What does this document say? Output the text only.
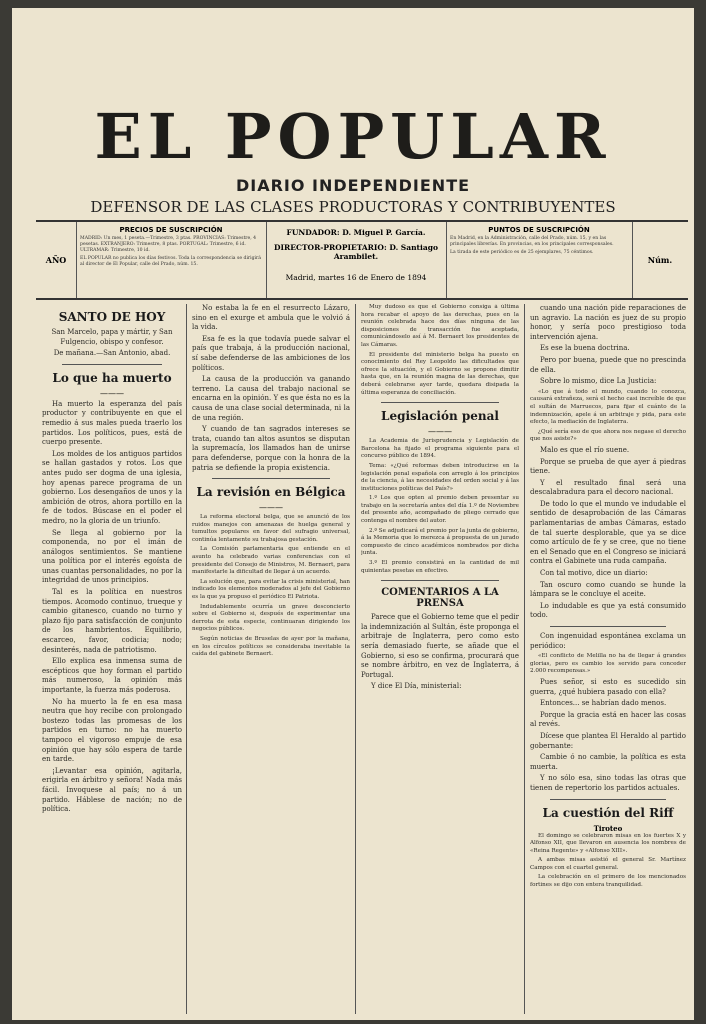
EL POPULAR
DIARIO INDEPENDIENTE
DEFENSOR DE LAS CLASES PRODUCTORAS Y CONTRIBUYENTES
AÑO
PRECIOS DE SUSCRIPCIÓN
MADRID: Un mes, 1 peseta.—Trimestre, 3 ptas. PROVINCIAS: Trimestre, 4 pesetas. EXTRANJERO: Trimestre, 8 ptas. PORTUGAL: Trimestre, 6 id. ULTRAMAR: Trimestre, 10 id.
EL POPULAR no publica los días festivos. Toda la correspondencia se dirigirá al director de El Popular, calle del Prado, núm. 15.
FUNDADOR: D. Miguel P. García.
DIRECTOR-PROPIETARIO: D. Santiago Arambilet.
Madrid, martes 16 de Enero de 1894
PUNTOS DE SUSCRIPCIÓN
En Madrid, en la Administración, calle del Prado, núm. 15, y en las principales librerías. En provincias, en los principales corresponsales.
La tirada de este periódico es de 25 ejemplares, 75 céntimos.
Núm.
SANTO DE HOY

San Marcelo, papa y mártir, y San Fulgencio, obispo y confesor.

De mañana.—San Antonio, abad.

Lo que ha muerto
———

Ha muerto la esperanza del país productor y contribuyente en que el remedio á sus males pueda traerlo los partidos. Los políticos, pues, está de cuerpo presente.

Los moldes de los antiguos partidos se hallan gastados y rotos. Los que antes pudo ser dogma de una iglesia, hoy apenas parece programa de un gobierno. Los desengaños de unos y la ambición de otros, ahora portillo en la fe de todos. Búscase en el poder el medro, no la gloria de un triunfo.

Se llega al gobierno por la componenda, no por el imán de análogos sentimientos. Se mantiene una política por el interés egoísta de unas cuantas personalidades, no por la integridad de unos principios.

Tal es la política en nuestros tiempos. Acomodo continuo, trueque y cambio gitanesco, cuando no turno y plazo fijo para satisfacción de conjunto de los hambrientos. Equilibrio, escarceo, favor, codicia; nodo; desinterés, nada de patriotismo.

Ello explica esa inmensa suma de escépticos que hoy forman el partido más numeroso, la opinión más importante, la fuerza más poderosa.

No ha muerto la fe en esa masa neutra que hoy recibe con prolongado bostezo todas las promesas de los partidos en turno: no ha muerto tampoco el vigoroso empuje de esa opinión que hay sólo espera de tarde en tarde.

¡Levantar esa opinión, agitarla, erigirla en árbitro y señora! Nada más fácil. Invoquese al país; no á un partido. Háblese de nación; no de política.

No estaba la fe en el resurrecto Lázaro, sino en el exurge et ambula que le volvió á la vida.

Esa fe es la que todavía puede salvar el país que trabaja, á la producción nacional, sí sabe defenderse de las ambiciones de los políticos.

La causa de la producción va ganando terreno. La causa del trabajo nacional se encarna en la opinión. Y es que ésta no es la causa de una clase social determinada, ni la de una región.

Y cuando de tan sagrados intereses se trata, cuando tan altos asuntos se disputan la supremacía, los llamados han de unirse para defenderse, porque con la honra de la patria se defiende la propia existencia.

La revisión en Bélgica
———

La reforma electoral belga, que se anunció de los ruidos manejos con amenazas de huelga general y tumultos populares en favor del sufragio universal, continúa lentamente su trabajosa gestación.

La Comisión parlamentaria que entiende en el asunto ha celebrado varias conferencias con el presidente del Consejo de Ministros, M. Bernaert, para manifestarle la dificultad de llegar á un acuerdo.

La solución que, para evitar la crisis ministerial, han indicado los elementos moderados al jefe del Gobierno es la que ya propuso el periódico El Patriota.

Indudablemente ocurría un grave desconcierto sobre el Gobierno si, después de experimentar una derrota de esta especie, continuaran dirigiendo los negocios públicos.

Según noticias de Bruselas de ayer por la mañana, en los círculos políticos se consideraba inevitable la caída del gabinete Bernaert.

Muy dudoso es que el Gobierno consiga á última hora recabar el apoyo de las derechas, pues en la reunión celebrada hace dos días ninguna de las disposiciones de transacción fue aceptada, comunicándoselo así á M. Bernaert los presidentes de las Cámaras.

El presidente del ministerio belga ha puesto en conocimiento del Rey Leopoldo las dificultades que ofrece la situación, y el Gobierno se propone dimitir hasta que, en la reunión magna de las derechas, que deberá celebrarse ayer tarde, quedara disipada la última esperanza de conciliación.

Legislación penal
———

La Academia de Jurisprudencia y Legislación de Barcelona ha fijado el programa siguiente para el concurso público de 1894.

Tema: «¿Qué reformas deben introducirse en la legislación penal española con arreglo á los principios de la ciencia, á las necesidades del orden social y á las instituciones políticas del País?»

1.º Los que opten al premio deben presentar su trabajo en la secretaría antes del día 1.º de Noviembre del presente año, acompañado de pliego cerrado que contenga el nombre del autor.

2.º Se adjudicará el premio por la junta de gobierno, á la Memoria que lo merezca á propuesta de un jurado compuesto de cinco académicos nombrados por dicha junta.

3.º El premio consistirá en la cantidad de mil quinientas pesetas en efectivo.

COMENTARIOS A LA PRENSA

Parece que el Gobierno teme que el pedir la indemnización al Sultán, éste proponga el arbitraje de Inglaterra, pero como esto sería demasiado fuerte, se añade que el Gobierno, si eso se confirma, procurará que se nombre árbitro, en vez de Inglaterra, á Portugal.

Y dice El Día, ministerial:

cuando una nación pide reparaciones de un agravio. La nación es juez de su propio honor, y sería poco prestigioso toda intervención ajena.

Es ese la buena doctrina.

Pero por buena, puede que no prescinda de ella.

Sobre lo mismo, dice La Justicia:

«Lo que á todo el mundo, cuando lo conozca, causará extrañeza, será el hecho casi increíble de que el sultán de Marruecos, para fijar el cuánto de la indemnización, apele á un arbitraje y pida, para este efecto, la mediación de Inglaterra.

¿Qué sería eso de que ahora nos negase el derecho que nos asiste?»

Malo es que el río suene.

Porque se prueba de que ayer á piedras tiene.

Y el resultado final será una descalabradura para el decoro nacional.

De todo lo que el mundo ve indudable el sentido de desaprobación de las Cámaras parlamentarias de ambas Cámaras, estado de tal suerte desplorable, que ya se dice como artículo de fe y se cree, que no tiene en el Senado que en el Congreso se iniciará contra el Gabinete una ruda campaña.

Con tal motivo, dice un diario:

Tan oscuro como cuando se hunde la lámpara se le concluye el aceite.

Lo indudable es que ya está consumido todo.

Con ingenuidad espontánea exclama un periódico:

«El conflicto de Melilla no ha de llegar á grandes glorias, pero es cambio los servido para conceder 2.000 recompensas.»

Pues señor, si esto es sucedido sin guerra, ¿qué hubiera pasado con ella?

Entonces... se habrían dado menos.

Porque la gracia está en hacer las cosas al revés.

Dícese que plantea El Heraldo al partido gobernante:

Cambie ó no cambie, la política es esta muerta.

Y no sólo esa, sino todas las otras que tienen de repertorio los partidos actuales.

La cuestión del Riff
Tiroteo

El domingo se celebraron misas en los fuertes X y Alfonso XII, que llevaron en ausencia los nombres de «Reina Regente» y «Alfonso XIII».

A ambas misas asistió el general Sr. Martínez Campos con el cuartel general.

La celebración en el primero de los mencionados fortines se dijo con entera tranquilidad.
